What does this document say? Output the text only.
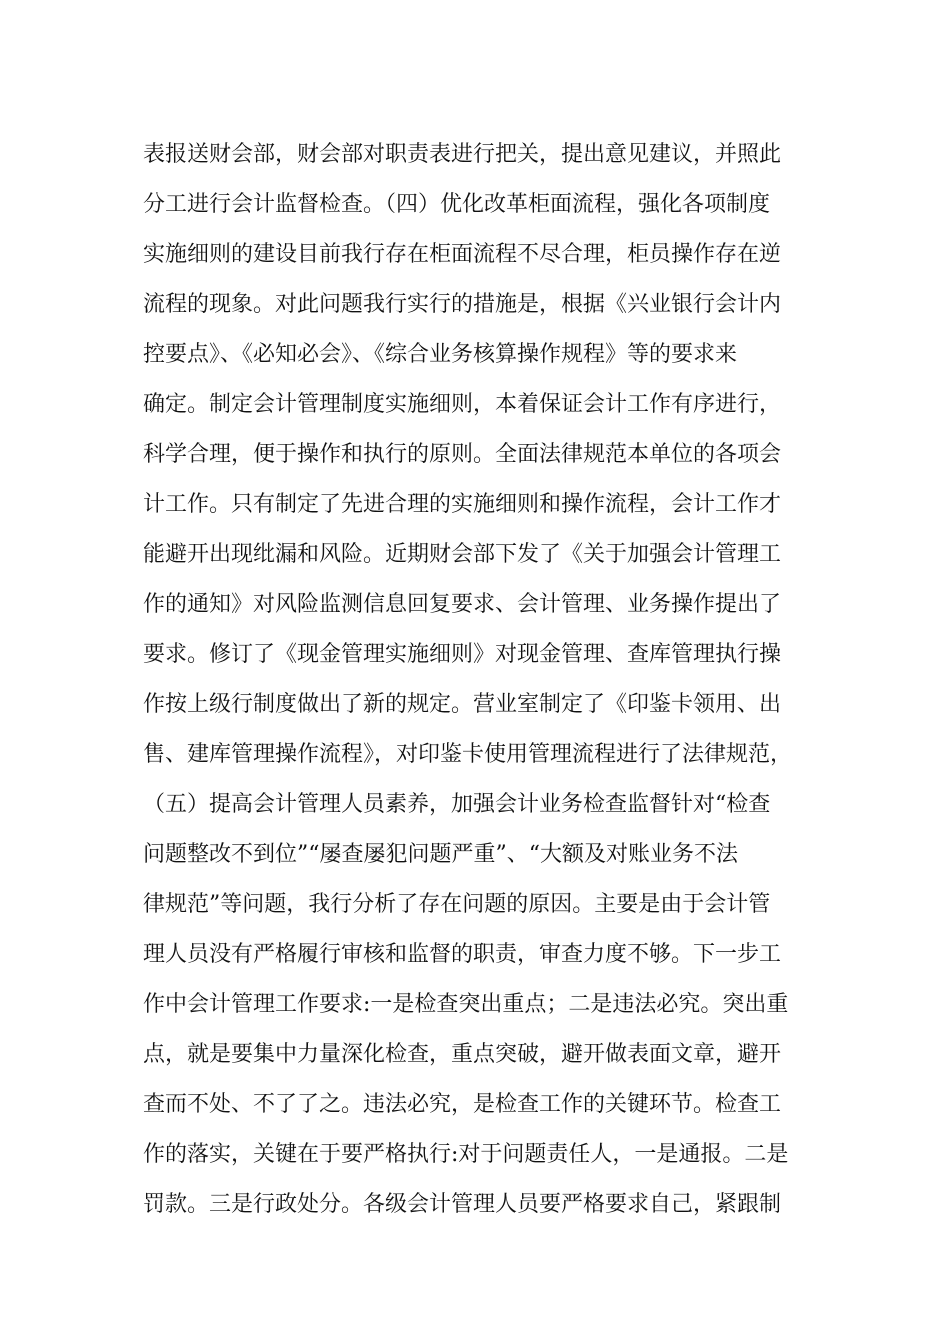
表报送财会部，财会部对职责表进行把关，提出意见建议，并照此
分工进行会计监督检查。（四）优化改革柜面流程，强化各项制度
实施细则的建设目前我行存在柜面流程不尽合理，柜员操作存在逆
流程的现象。对此问题我行实行的措施是，根据《兴业银行会计内
控要点》、《必知必会》、《综合业务核算操作规程》等的要求来
确定。制定会计管理制度实施细则，本着保证会计工作有序进行，
科学合理，便于操作和执行的原则。全面法律规范本单位的各项会
计工作。只有制定了先进合理的实施细则和操作流程，会计工作才
能避开出现纰漏和风险。近期财会部下发了《关于加强会计管理工
作的通知》对风险监测信息回复要求、会计管理、业务操作提出了
要求。修订了《现金管理实施细则》对现金管理、查库管理执行操
作按上级行制度做出了新的规定。营业室制定了《印鉴卡领用、出
售、建库管理操作流程》，对印鉴卡使用管理流程进行了法律规范，
（五）提高会计管理人员素养，加强会计业务检查监督针对“检查
问题整改不到位”“屡查屡犯问题严重”、“大额及对账业务不法
律规范”等问题，我行分析了存在问题的原因。主要是由于会计管
理人员没有严格履行审核和监督的职责，审查力度不够。下一步工
作中会计管理工作要求:一是检查突出重点；二是违法必究。突出重
点，就是要集中力量深化检查，重点突破，避开做表面文章，避开
查而不处、不了了之。违法必究，是检查工作的关键环节。检查工
作的落实，关键在于要严格执行:对于问题责任人，一是通报。二是
罚款。三是行政处分。各级会计管理人员要严格要求自己，紧跟制
